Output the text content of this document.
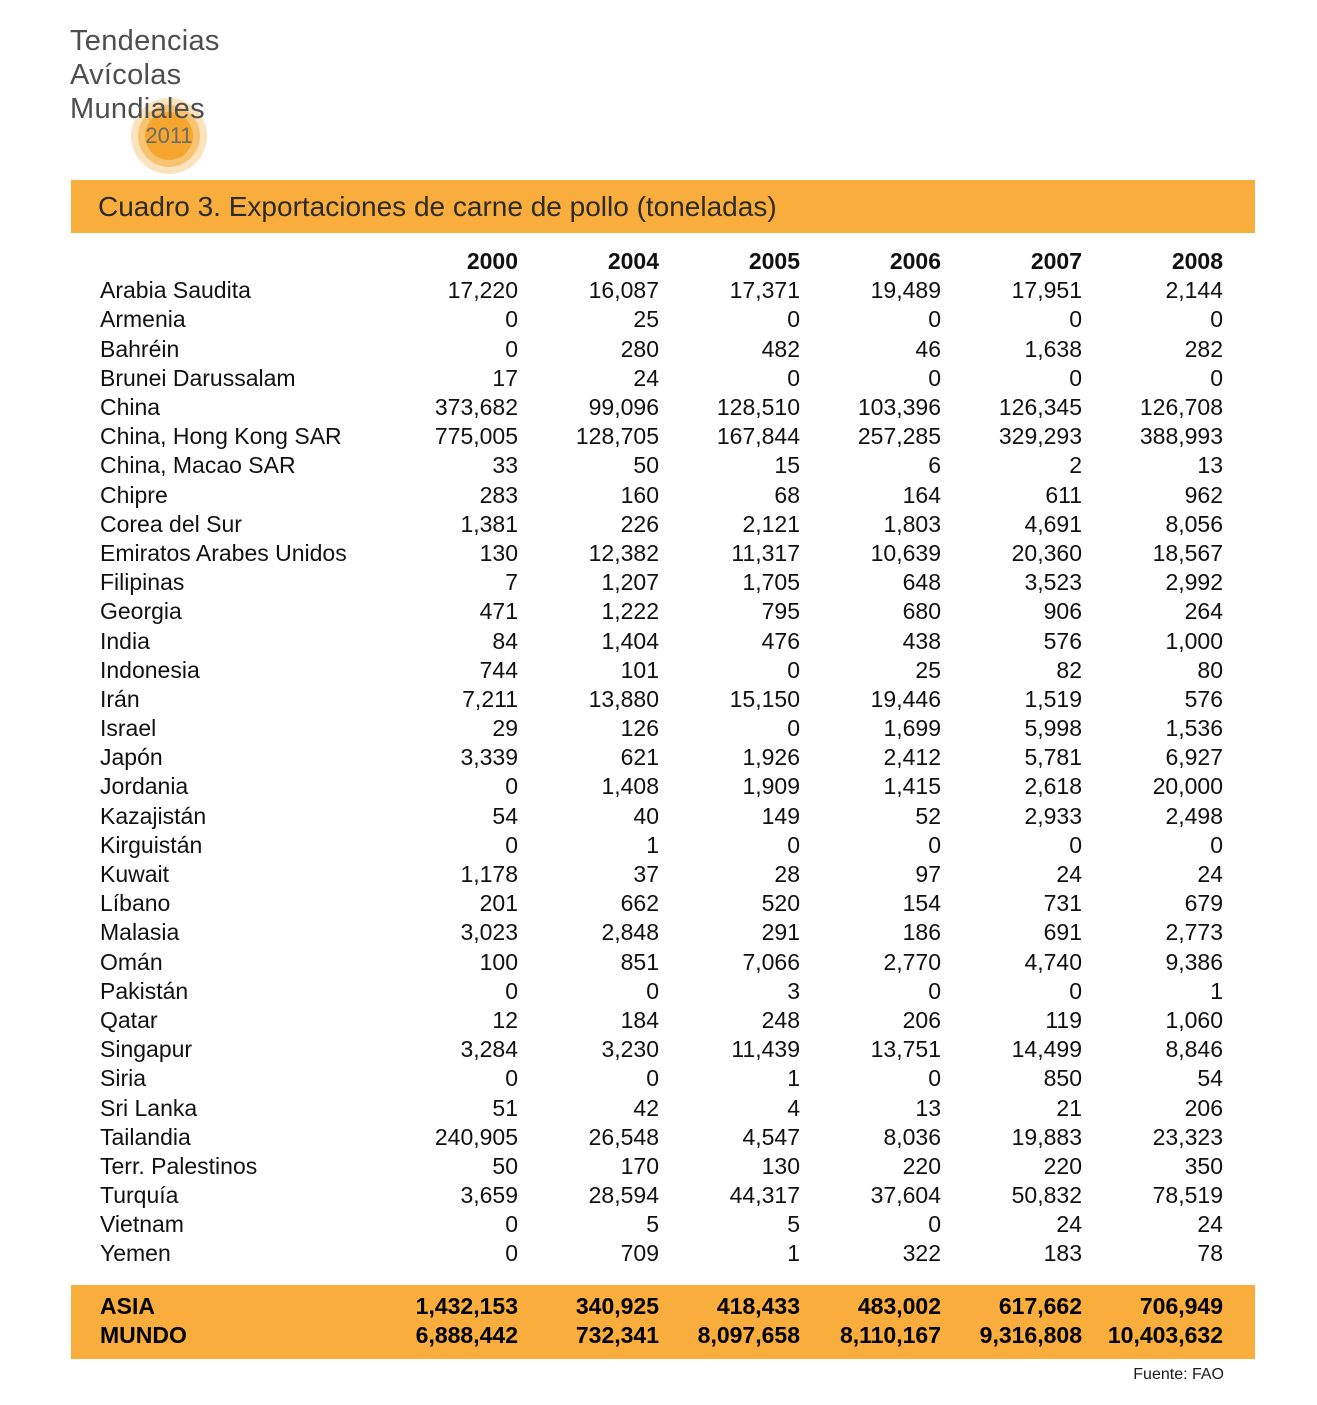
Tendencias
Avícolas
Mundiales
2011
Cuadro 3. Exportaciones de carne de pollo (toneladas)
	2000	2004	2005	2006	2007	2008
Arabia Saudita	17,220	16,087	17,371	19,489	17,951	2,144
Armenia	0	25	0	0	0	0
Bahréin	0	280	482	46	1,638	282
Brunei Darussalam	17	24	0	0	0	0
China	373,682	99,096	128,510	103,396	126,345	126,708
China, Hong Kong SAR	775,005	128,705	167,844	257,285	329,293	388,993
China, Macao SAR	33	50	15	6	2	13
Chipre	283	160	68	164	611	962
Corea del Sur	1,381	226	2,121	1,803	4,691	8,056
Emiratos Arabes Unidos	130	12,382	11,317	10,639	20,360	18,567
Filipinas	7	1,207	1,705	648	3,523	2,992
Georgia	471	1,222	795	680	906	264
India	84	1,404	476	438	576	1,000
Indonesia	744	101	0	25	82	80
Irán	7,211	13,880	15,150	19,446	1,519	576
Israel	29	126	0	1,699	5,998	1,536
Japón	3,339	621	1,926	2,412	5,781	6,927
Jordania	0	1,408	1,909	1,415	2,618	20,000
Kazajistán	54	40	149	52	2,933	2,498
Kirguistán	0	1	0	0	0	0
Kuwait	1,178	37	28	97	24	24
Líbano	201	662	520	154	731	679
Malasia	3,023	2,848	291	186	691	2,773
Omán	100	851	7,066	2,770	4,740	9,386
Pakistán	0	0	3	0	0	1
Qatar	12	184	248	206	119	1,060
Singapur	3,284	3,230	11,439	13,751	14,499	8,846
Siria	0	0	1	0	850	54
Sri Lanka	51	42	4	13	21	206
Tailandia	240,905	26,548	4,547	8,036	19,883	23,323
Terr. Palestinos	50	170	130	220	220	350
Turquía	3,659	28,594	44,317	37,604	50,832	78,519
Vietnam	0	5	5	0	24	24
Yemen	0	709	1	322	183	78
ASIA	1,432,153	340,925	418,433	483,002	617,662	706,949
MUNDO	6,888,442	732,341	8,097,658	8,110,167	9,316,808	10,403,632
Fuente: FAO
